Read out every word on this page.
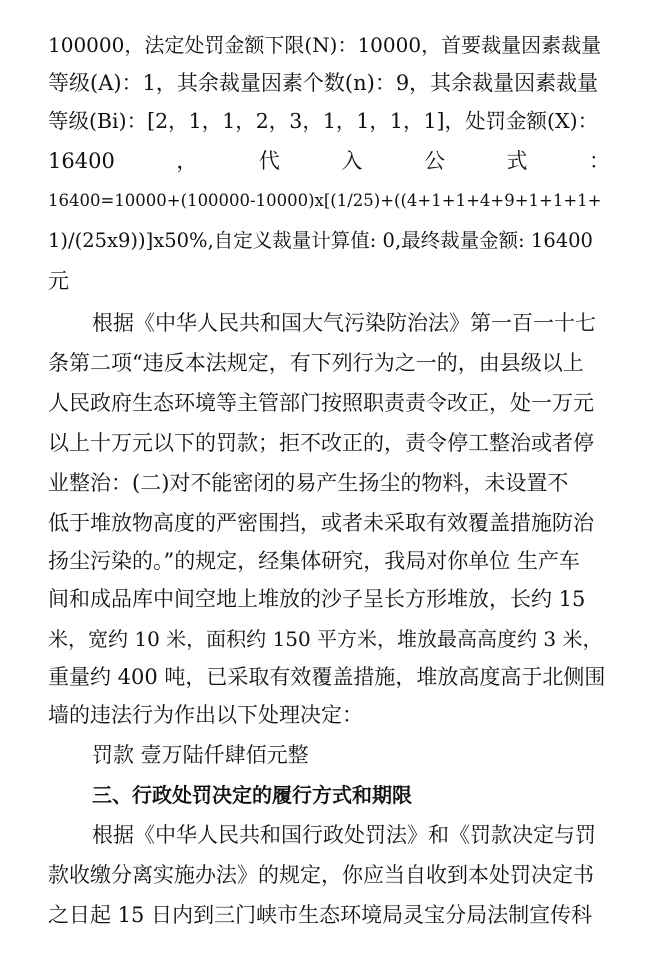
100000，法定处罚金额下限(N)：10000，首要裁量因素裁量

等级(A)：1，其余裁量因素个数(n)：9，其余裁量因素裁量

等级(Bi)：[2，1，1，2，3，1，1，1，1]，处罚金额(X)：

16400	，	代	入	公	式	：

16400=10000+(100000-10000)x[(1/25)+((4+1+1+4+9+1+1+1+

1)/(25x9))]x50%,自定义裁量计算值: 0,最终裁量金额: 16400

元

根据《中华人民共和国大气污染防治法》第一百一十七

条第二项“违反本法规定，有下列行为之一的，由县级以上

人民政府生态环境等主管部门按照职责责令改正，处一万元

以上十万元以下的罚款；拒不改正的，责令停工整治或者停

业整治：(二)对不能密闭的易产生扬尘的物料，未设置不

低于堆放物高度的严密围挡，或者未采取有效覆盖措施防治

扬尘污染的。”的规定，经集体研究，我局对你单位 生产车

间和成品库中间空地上堆放的沙子呈长方形堆放，长约 15

米，宽约 10 米，面积约 150 平方米，堆放最高高度约 3 米，

重量约 400 吨，已采取有效覆盖措施，堆放高度高于北侧围

墙的违法行为作出以下处理决定：

罚款 壹万陆仟肆佰元整

三、行政处罚决定的履行方式和期限

根据《中华人民共和国行政处罚法》和《罚款决定与罚

款收缴分离实施办法》的规定，你应当自收到本处罚决定书

之日起 15 日内到三门峡市生态环境局灵宝分局法制宣传科
